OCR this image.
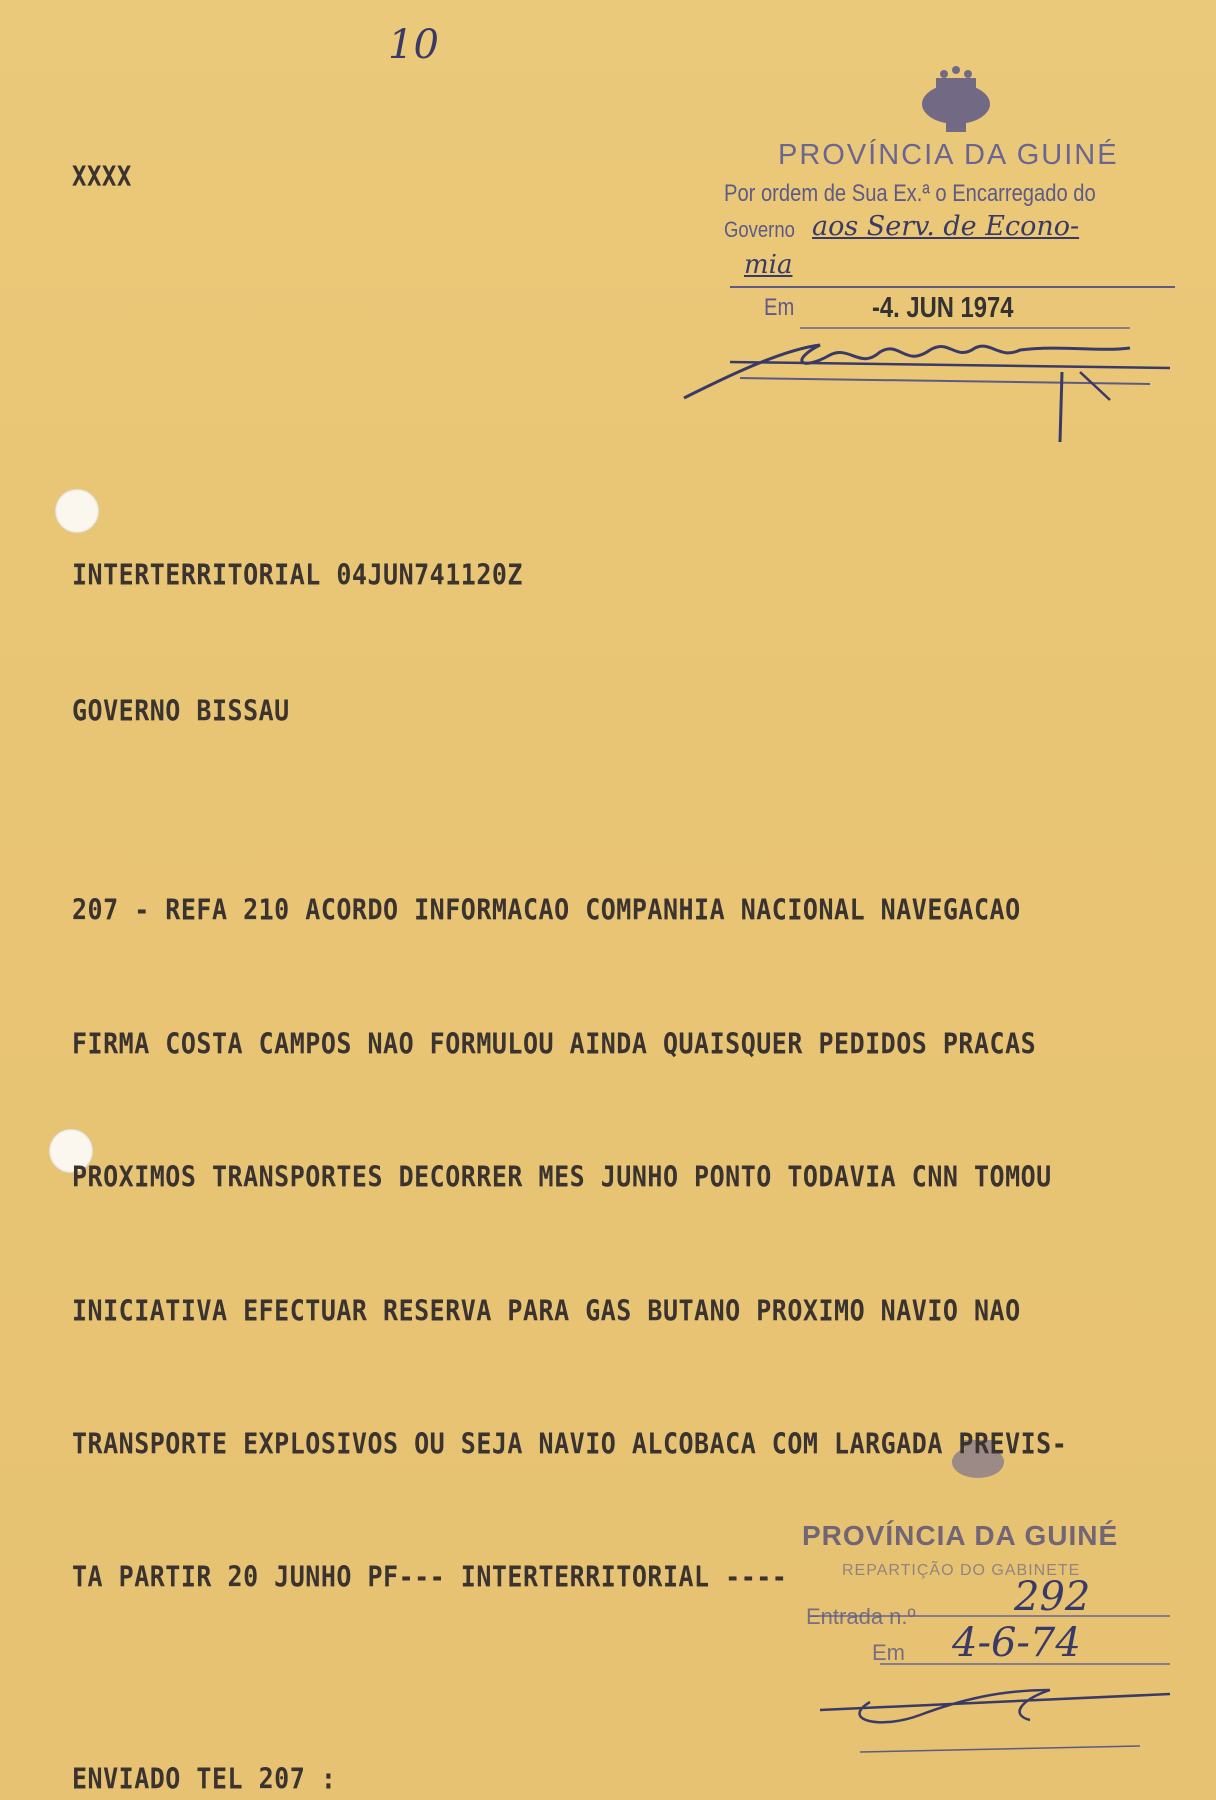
10
XXXX
PROVÍNCIA DA GUINÉ
Por ordem de Sua Ex.ª o Encarregado do
Governo aos Serv. de Econo-
mia
Em	-4. JUN 1974
INTERTERRITORIAL 04JUN741120Z
GOVERNO BISSAU
207 - REFA 210 ACORDO INFORMACAO COMPANHIA NACIONAL NAVEGACAO
FIRMA COSTA CAMPOS NAO FORMULOU AINDA QUAISQUER PEDIDOS PRACAS
PROXIMOS TRANSPORTES DECORRER MES JUNHO PONTO TODAVIA CNN TOMOU
INICIATIVA EFECTUAR RESERVA PARA GAS BUTANO PROXIMO NAVIO NAO
TRANSPORTE EXPLOSIVOS OU SEJA NAVIO ALCOBACA COM LARGADA PREVIS-
TA PARTIR 20 JUNHO PF--- INTERTERRITORIAL ----
ENVIADO TEL 207 :
PROVÍNCIA DA GUINÉ
REPARTIÇÃO DO GABINETE
Entrada n.º 292
Em 4-6-74
